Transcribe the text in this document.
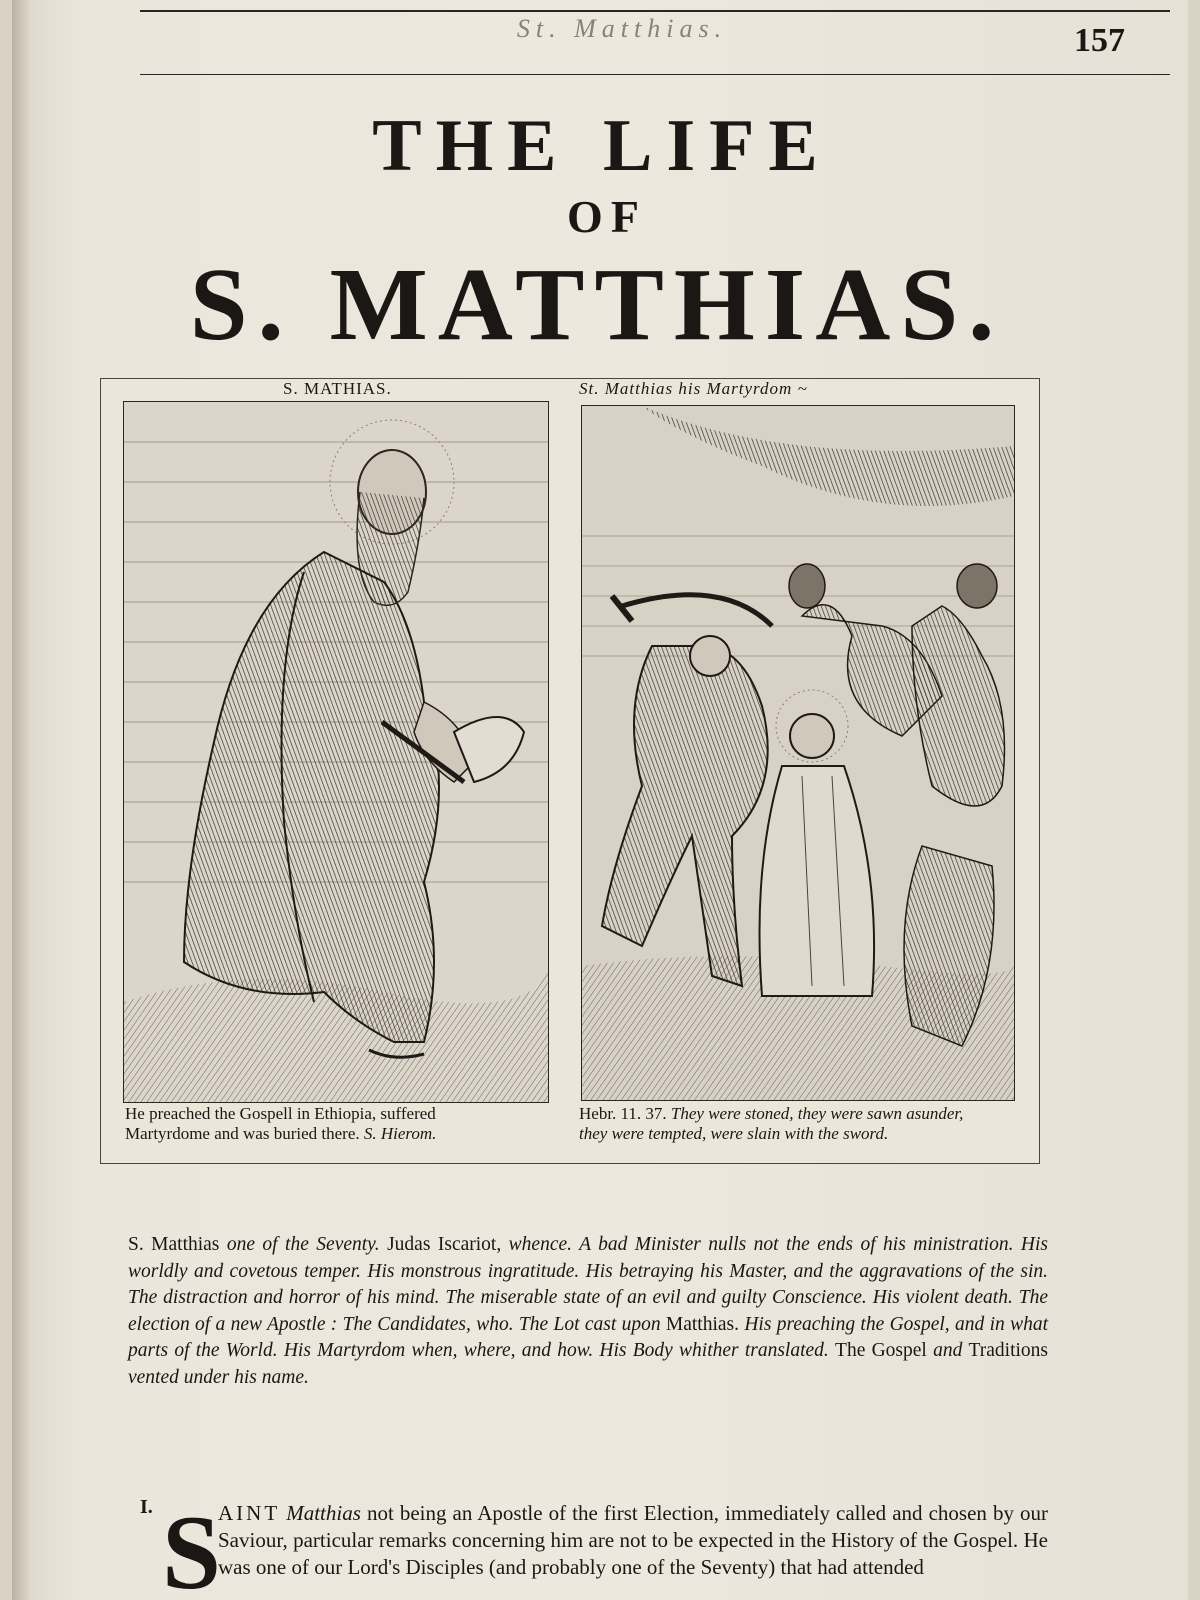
St. Matthias.	157
THE LIFE
OF
S. MATTHIAS.
S. MATHIAS.	St. Matthias his Martyrdom ~
He preached the Gospell in Ethiopia, suffered
Martyrdome and was buried there. S. Hierom.
Hebr. 11. 37. They were stoned, they were sawn asunder,
they were tempted, were slain with the sword.
S. Matthias one of the Seventy. Judas Iscariot, whence. A bad Minister nulls not the ends of his ministration. His worldly and covetous temper. His monstrous ingratitude. His betraying his Master, and the aggravations of the sin. The distraction and horror of his mind. The miserable state of an evil and guilty Conscience. His violent death. The election of a new Apostle : The Candidates, who. The Lot cast upon Matthias. His preaching the Gospel, and in what parts of the World. His Martyrdom when, where, and how. His Body whither translated. The Gospel and Traditions vented under his name.
I. S
AINT Matthias not being an Apostle of the first Election, immediately called and chosen by our Saviour, particular remarks concerning him are not to be expected in the History of the Gospel. He was one of our Lord's Disciples (and probably one of the Seventy) that had attended
